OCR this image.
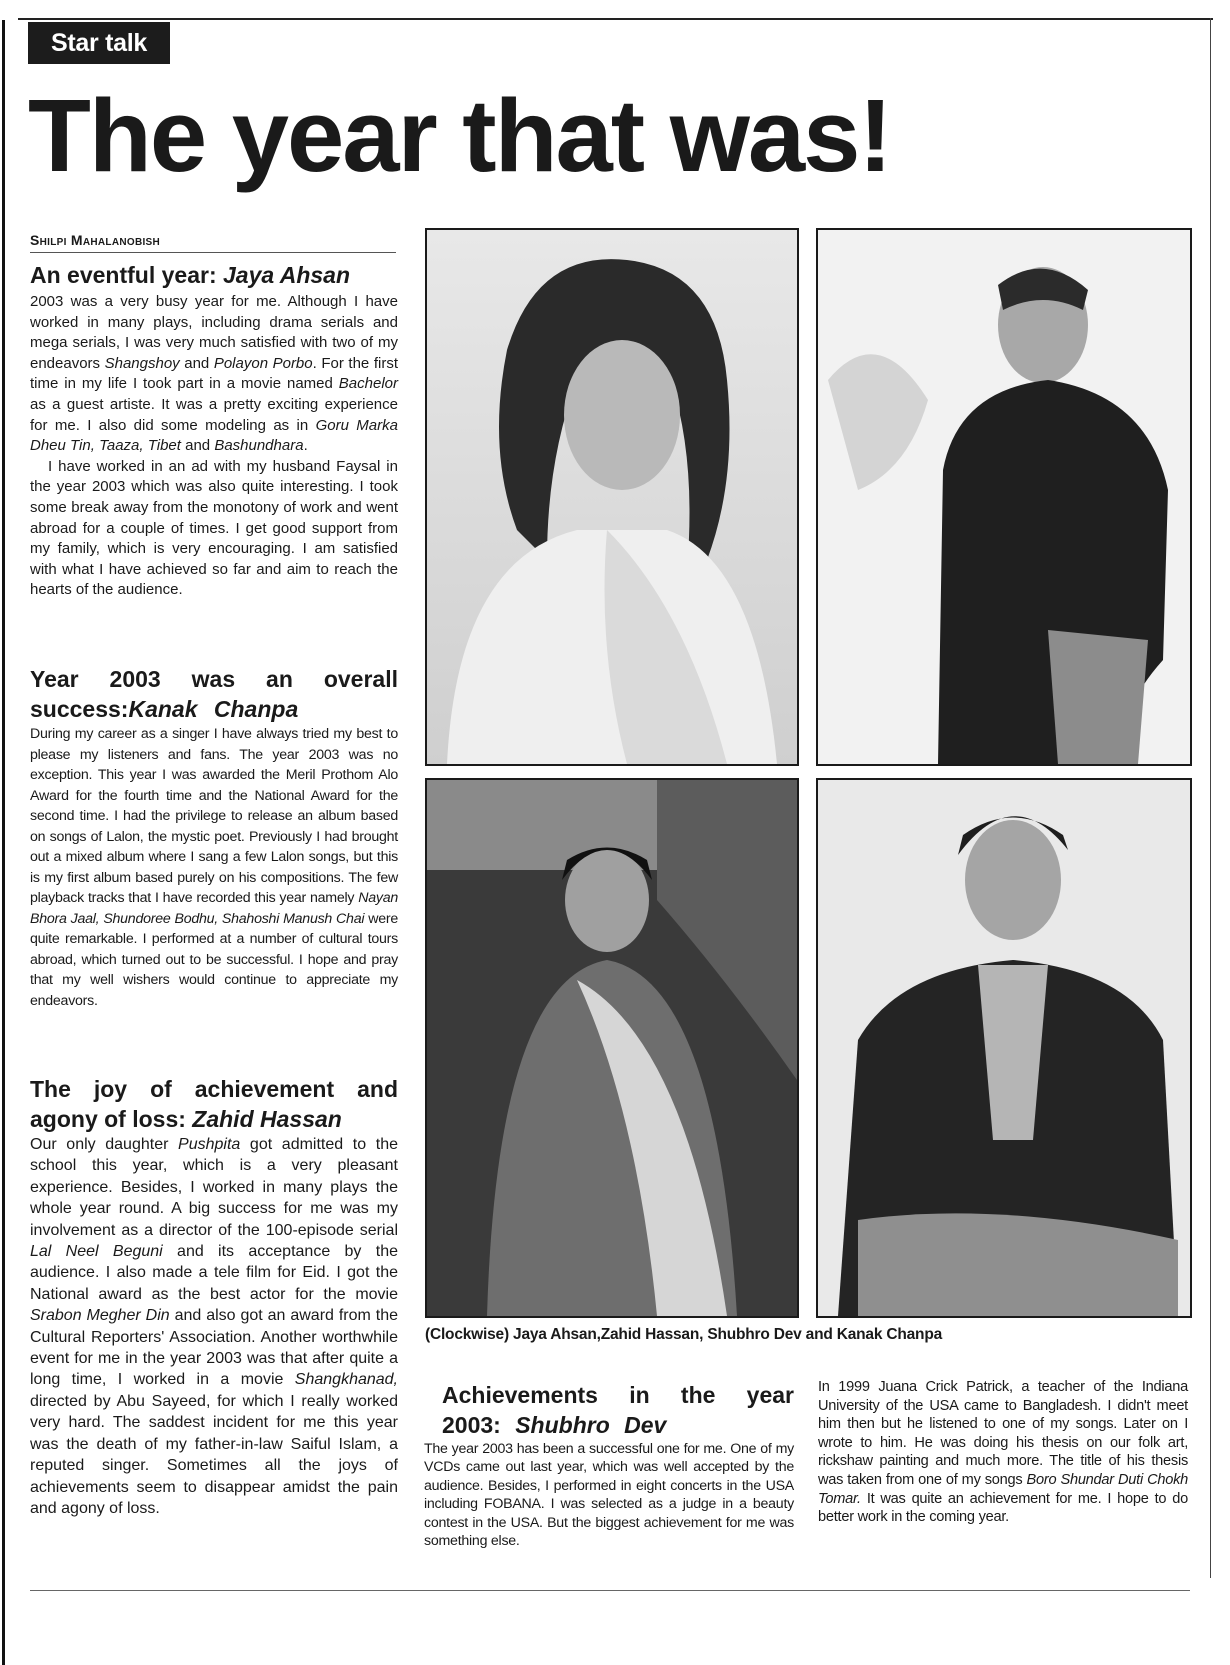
Star talk
The year that was!
Shilpi Mahalanobish
An eventful year: Jaya Ahsan

2003 was a very busy year for me. Although I have worked in many plays, including drama serials and mega serials, I was very much satisfied with two of my endeavors Shangshoy and Polayon Porbo. For the first time in my life I took part in a movie named Bachelor as a guest artiste. It was a pretty exciting experience for me. I also did some modeling as in Goru Marka Dheu Tin, Taaza, Tibet and Bashundhara.

I have worked in an ad with my husband Faysal in the year 2003 which was also quite interesting. I took some break away from the monotony of work and went abroad for a couple of times. I get good support from my family, which is very encouraging. I am satisfied with what I have achieved so far and aim to reach the hearts of the audience.

Year 2003 was an overall success:Kanak Chanpa

During my career as a singer I have always tried my best to please my listeners and fans. The year 2003 was no exception. This year I was awarded the Meril Prothom Alo Award for the fourth time and the National Award for the second time. I had the privilege to release an album based on songs of Lalon, the mystic poet. Previously I had brought out a mixed album where I sang a few Lalon songs, but this is my first album based purely on his compositions. The few playback tracks that I have recorded this year namely Nayan Bhora Jaal, Shundoree Bodhu, Shahoshi Manush Chai were quite remarkable. I performed at a number of cultural tours abroad, which turned out to be successful. I hope and pray that my well wishers would continue to appreciate my endeavors.

The joy of achievement and agony of loss: Zahid Hassan

Our only daughter Pushpita got admitted to the school this year, which is a very pleasant experience. Besides, I worked in many plays the whole year round. A big success for me was my involvement as a director of the 100-episode serial Lal Neel Beguni and its acceptance by the audience. I also made a tele film for Eid. I got the National award as the best actor for the movie Srabon Megher Din and also got an award from the Cultural Reporters' Association. Another worthwhile event for me in the year 2003 was that after quite a long time, I worked in a movie Shangkhanad, directed by Abu Sayeed, for which I really worked very hard. The saddest incident for me this year was the death of my father-in-law Saiful Islam, a reputed singer. Sometimes all the joys of achievements seem to disappear amidst the pain and agony of loss.

(Clockwise) Jaya Ahsan,Zahid Hassan, Shubhro Dev and Kanak Chanpa
Achievements in the year 2003: Shubhro Dev

The year 2003 has been a successful one for me. One of my VCDs came out last year, which was well accepted by the audience. Besides, I performed in eight concerts in the USA including FOBANA. I was selected as a judge in a beauty contest in the USA. But the biggest achievement for me was something else.

In 1999 Juana Crick Patrick, a teacher of the Indiana University of the USA came to Bangladesh. I didn't meet him then but he listened to one of my songs. Later on I wrote to him. He was doing his thesis on our folk art, rickshaw painting and much more. The title of his thesis was taken from one of my songs Boro Shundar Duti Chokh Tomar. It was quite an achievement for me. I hope to do better work in the coming year.
